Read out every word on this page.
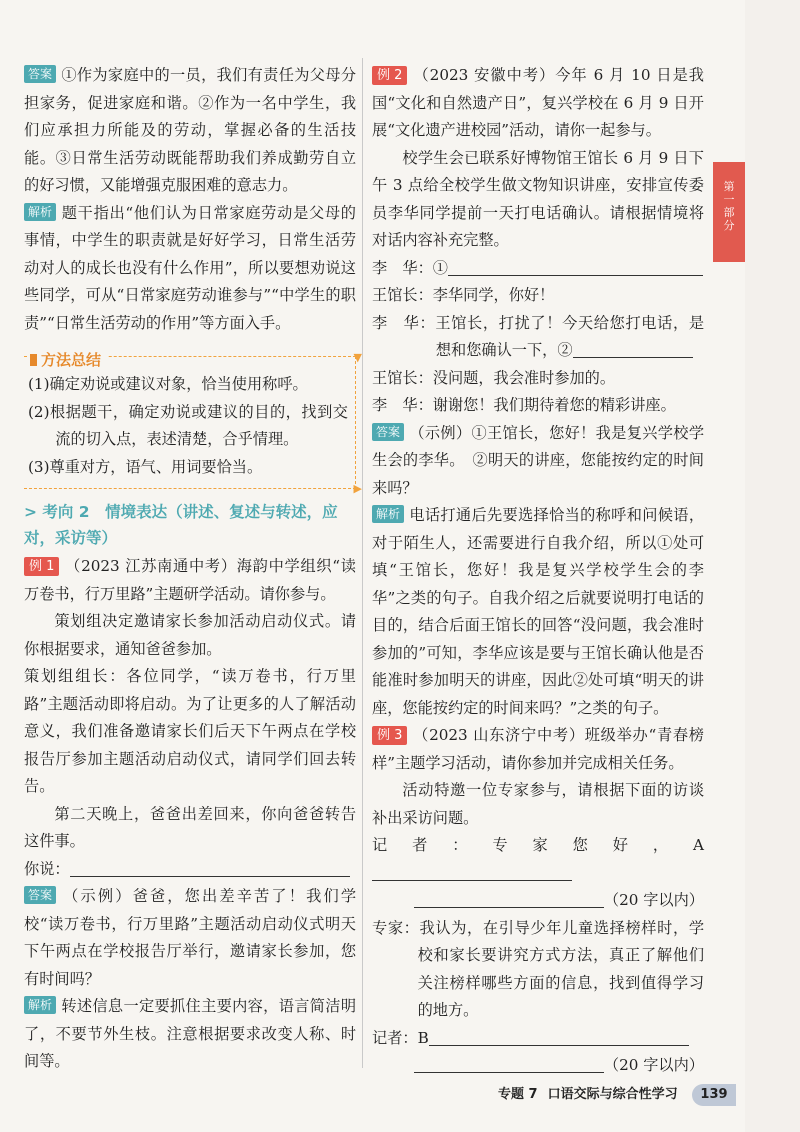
答案 ①作为家庭中的一员，我们有责任为父母分担家务，促进家庭和谐。②作为一名中学生，我们应承担力所能及的劳动，掌握必备的生活技能。③日常生活劳动既能帮助我们养成勤劳自立的好习惯，又能增强克服困难的意志力。

解析 题干指出“他们认为日常家庭劳动是父母的事情，中学生的职责就是好好学习，日常生活劳动对人的成长也没有什么作用”，所以要想劝说这些同学，可从“日常家庭劳动谁参与”“中学生的职责”“日常生活劳动的作用”等方面入手。

▼
▶
方法总结

(1)确定劝说或建议对象，恰当使用称呼。

(2)根据题干，确定劝说或建议的目的，找到交流的切入点，表述清楚，合乎情理。

(3)尊重对方，语气、用词要恰当。

> 考向 2　情境表达（讲述、复述与转述，应对，采访等）

例 1 （2023 江苏南通中考）海韵中学组织“读万卷书，行万里路”主题研学活动。请你参与。

策划组决定邀请家长参加活动启动仪式。请你根据要求，通知爸爸参加。

策划组组长：各位同学，“读万卷书，行万里路”主题活动即将启动。为了让更多的人了解活动意义，我们准备邀请家长们后天下午两点在学校报告厅参加主题活动启动仪式，请同学们回去转告。

第二天晚上，爸爸出差回来，你向爸爸转告这件事。

你说：

答案 （示例）爸爸，您出差辛苦了！我们学校“读万卷书，行万里路”主题活动启动仪式明天下午两点在学校报告厅举行，邀请家长参加，您有时间吗？

解析 转述信息一定要抓住主要内容，语言简洁明了，不要节外生枝。注意根据要求改变人称、时间等。

例 2 （2023 安徽中考）今年 6 月 10 日是我国“文化和自然遗产日”，复兴学校在 6 月 9 日开展“文化遗产进校园”活动，请你一起参与。

校学生会已联系好博物馆王馆长 6 月 9 日下午 3 点给全校学生做文物知识讲座，安排宣传委员李华同学提前一天打电话确认。请根据情境将对话内容补充完整。

李　华：①

王馆长：李华同学，你好！

李　华：王馆长，打扰了！今天给您打电话，是想和您确认一下，②

王馆长：没问题，我会准时参加的。

李　华：谢谢您！我们期待着您的精彩讲座。

答案 （示例）①王馆长，您好！我是复兴学校学生会的李华。　②明天的讲座，您能按约定的时间来吗？

解析 电话打通后先要选择恰当的称呼和问候语，对于陌生人，还需要进行自我介绍，所以①处可填“王馆长，您好！我是复兴学校学生会的李华”之类的句子。自我介绍之后就要说明打电话的目的，结合后面王馆长的回答“没问题，我会准时参加的”可知，李华应该是要与王馆长确认他是否能准时参加明天的讲座，因此②处可填“明天的讲座，您能按约定的时间来吗？”之类的句子。

例 3 （2023 山东济宁中考）班级举办“青春榜样”主题学习活动，请你参加并完成相关任务。

活动特邀一位专家参与，请根据下面的访谈补出采访问题。

记者：专家您好，A

（20 字以内）

专家：我认为，在引导少年儿童选择榜样时，学校和家长要讲究方式方法，真正了解他们关注榜样哪些方面的信息，找到值得学习的地方。

记者：B

（20 字以内）

第一部分
专题 7 口语交际与综合性学习	139
